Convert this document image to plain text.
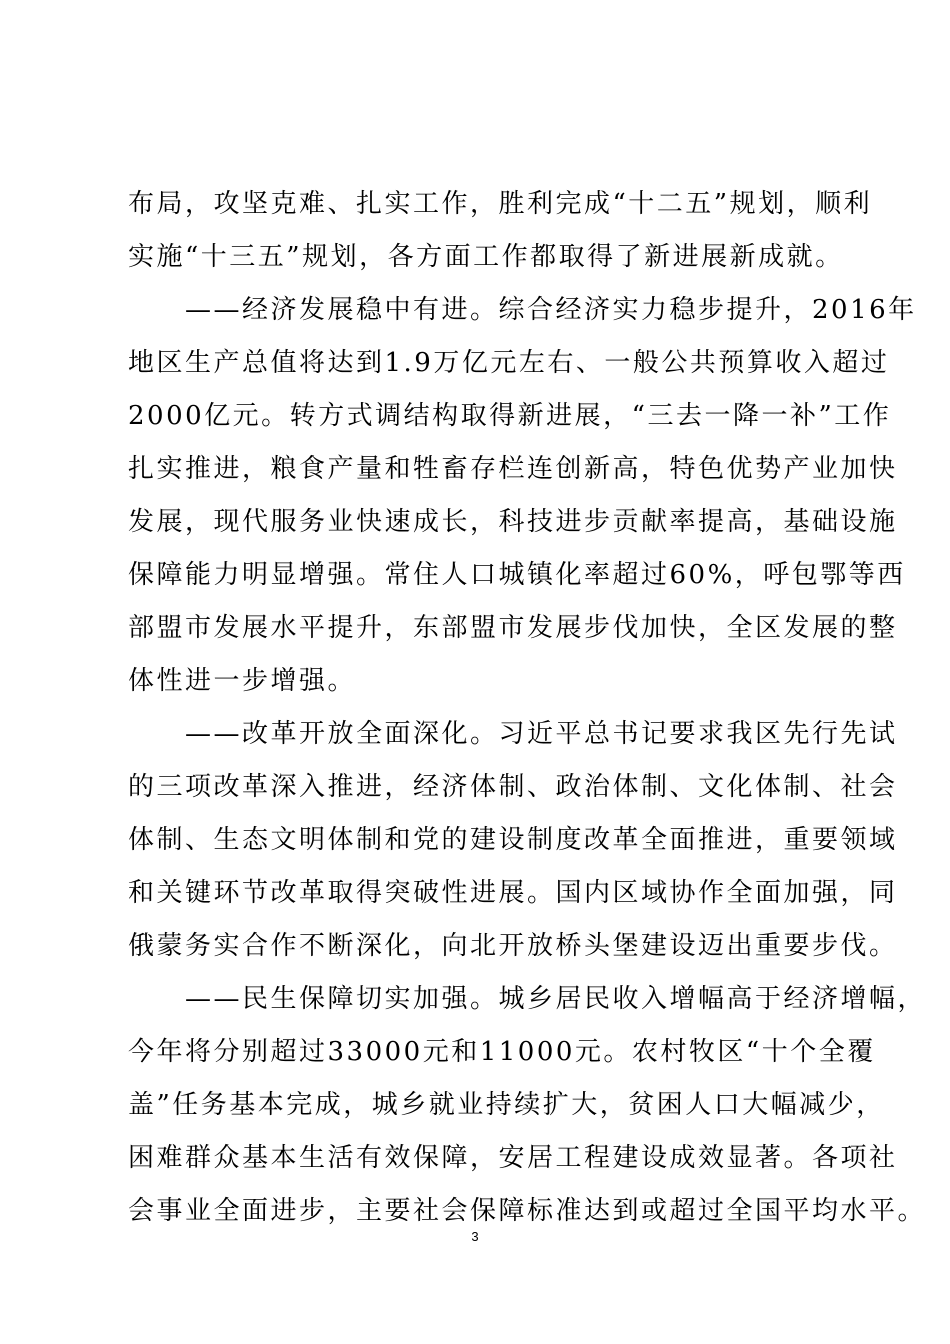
布局，攻坚克难、扎实工作，胜利完成“十二五”规划，顺利
实施“十三五”规划，各方面工作都取得了新进展新成就。
　　——经济发展稳中有进。综合经济实力稳步提升，2016年
地区生产总值将达到1.9万亿元左右、一般公共预算收入超过
2000亿元。转方式调结构取得新进展，“三去一降一补”工作
扎实推进，粮食产量和牲畜存栏连创新高，特色优势产业加快
发展，现代服务业快速成长，科技进步贡献率提高，基础设施
保障能力明显增强。常住人口城镇化率超过60%，呼包鄂等西
部盟市发展水平提升，东部盟市发展步伐加快，全区发展的整
体性进一步增强。
　　——改革开放全面深化。习近平总书记要求我区先行先试
的三项改革深入推进，经济体制、政治体制、文化体制、社会
体制、生态文明体制和党的建设制度改革全面推进，重要领域
和关键环节改革取得突破性进展。国内区域协作全面加强，同
俄蒙务实合作不断深化，向北开放桥头堡建设迈出重要步伐。
　　——民生保障切实加强。城乡居民收入增幅高于经济增幅，
今年将分别超过33000元和11000元。农村牧区“十个全覆
盖”任务基本完成，城乡就业持续扩大，贫困人口大幅减少，
困难群众基本生活有效保障，安居工程建设成效显著。各项社
会事业全面进步，主要社会保障标准达到或超过全国平均水平。
3
